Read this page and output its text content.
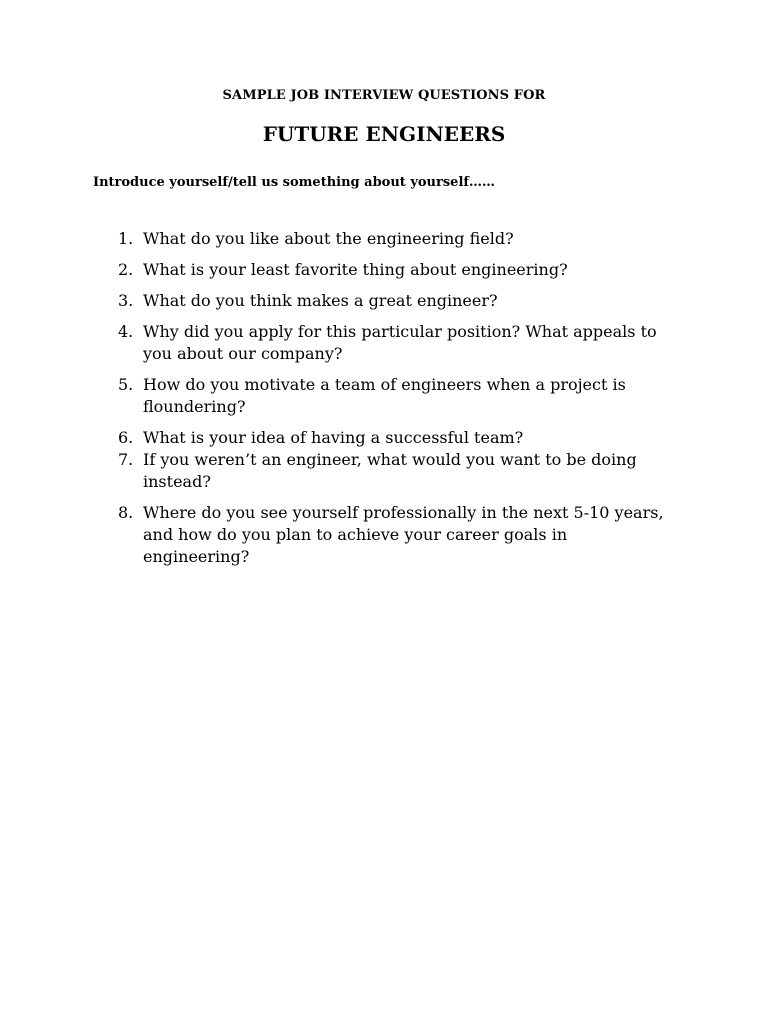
SAMPLE JOB INTERVIEW QUESTIONS FOR
FUTURE ENGINEERS
Introduce yourself/tell us something about yourself……
1. What do you like about the engineering field?
2. What is your least favorite thing about engineering?
3. What do you think makes a great engineer?
4. Why did you apply for this particular position? What appeals to you about our company?
5. How do you motivate a team of engineers when a project is floundering?
6. What is your idea of having a successful team?
7. If you weren’t an engineer, what would you want to be doing instead?
8. Where do you see yourself professionally in the next 5-10 years, and how do you plan to achieve your career goals in engineering?
